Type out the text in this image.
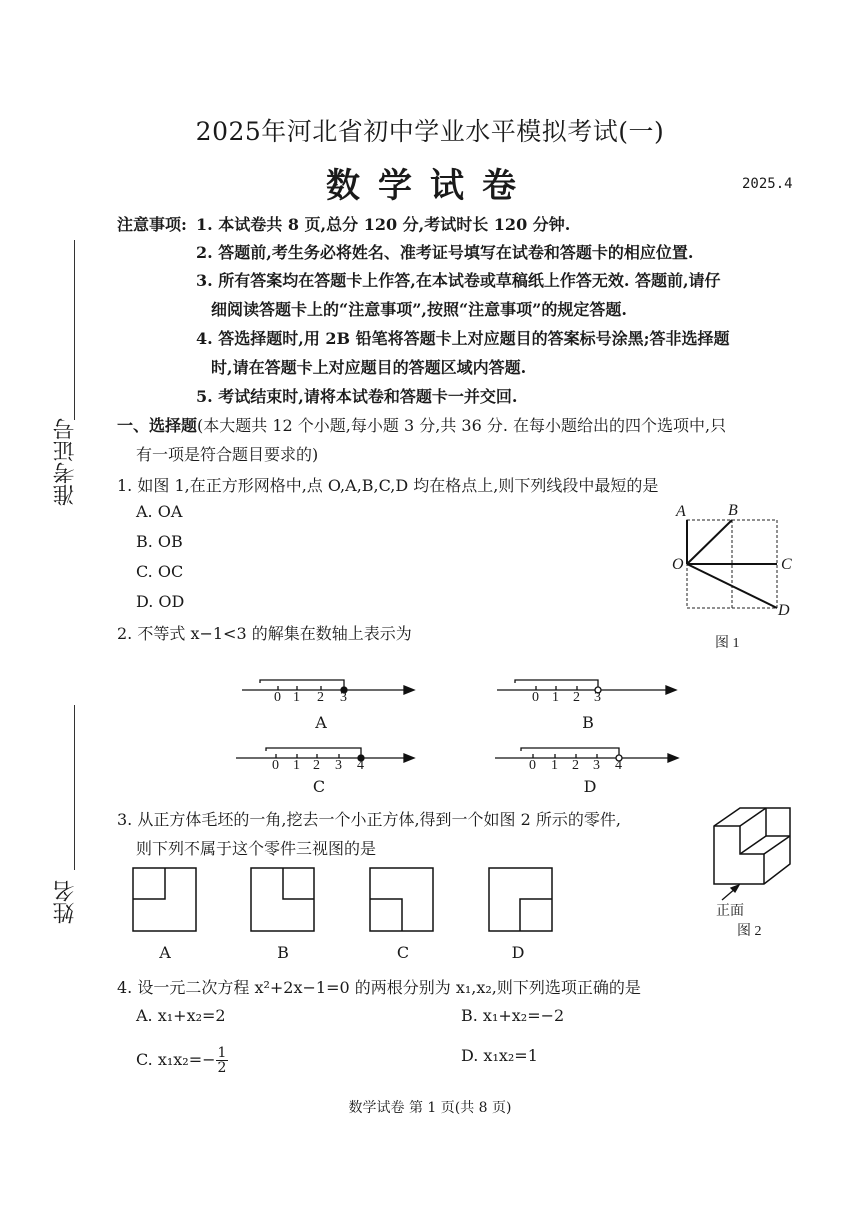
2025年河北省初中学业水平模拟考试(一)
数学试卷	2025.4
准考证号
姓名
注意事项: 1. 本试卷共 8 页,总分 120 分,考试时长 120 分钟.
2. 答题前,考生务必将姓名、准考证号填写在试卷和答题卡的相应位置.
3. 所有答案均在答题卡上作答,在本试卷或草稿纸上作答无效. 答题前,请仔
细阅读答题卡上的“注意事项”,按照“注意事项”的规定答题.
4. 答选择题时,用 2B 铅笔将答题卡上对应题目的答案标号涂黑;答非选择题
时,请在答题卡上对应题目的答题区域内答题.
5. 考试结束时,请将本试卷和答题卡一并交回.
一、选择题(本大题共 12 个小题,每小题 3 分,共 36 分. 在每小题给出的四个选项中,只
有一项是符合题目要求的)
1. 如图 1,在正方形网格中,点 O,A,B,C,D 均在格点上,则下列线段中最短的是
A. OA
B. OB
C. OC
D. OD
A	B
O	C
D
图 1
2. 不等式 x−1<3 的解集在数轴上表示为
0 1 2 3	0 1 2 3
0 1 2 3 4	0 1 2 3 4
A	B
C	D
3. 从正方体毛坯的一角,挖去一个小正方体,得到一个如图 2 所示的零件,
则下列不属于这个零件三视图的是
A	B	C	D
正面
图 2
4. 设一元二次方程 x²+2x−1=0 的两根分别为 x₁,x₂,则下列选项正确的是
A. x₁+x₂=2	B. x₁+x₂=−2
C. $x_1x_2=- \frac{1}{2}$	D. x₁x₂=1
数学试卷 第 1 页(共 8 页)
